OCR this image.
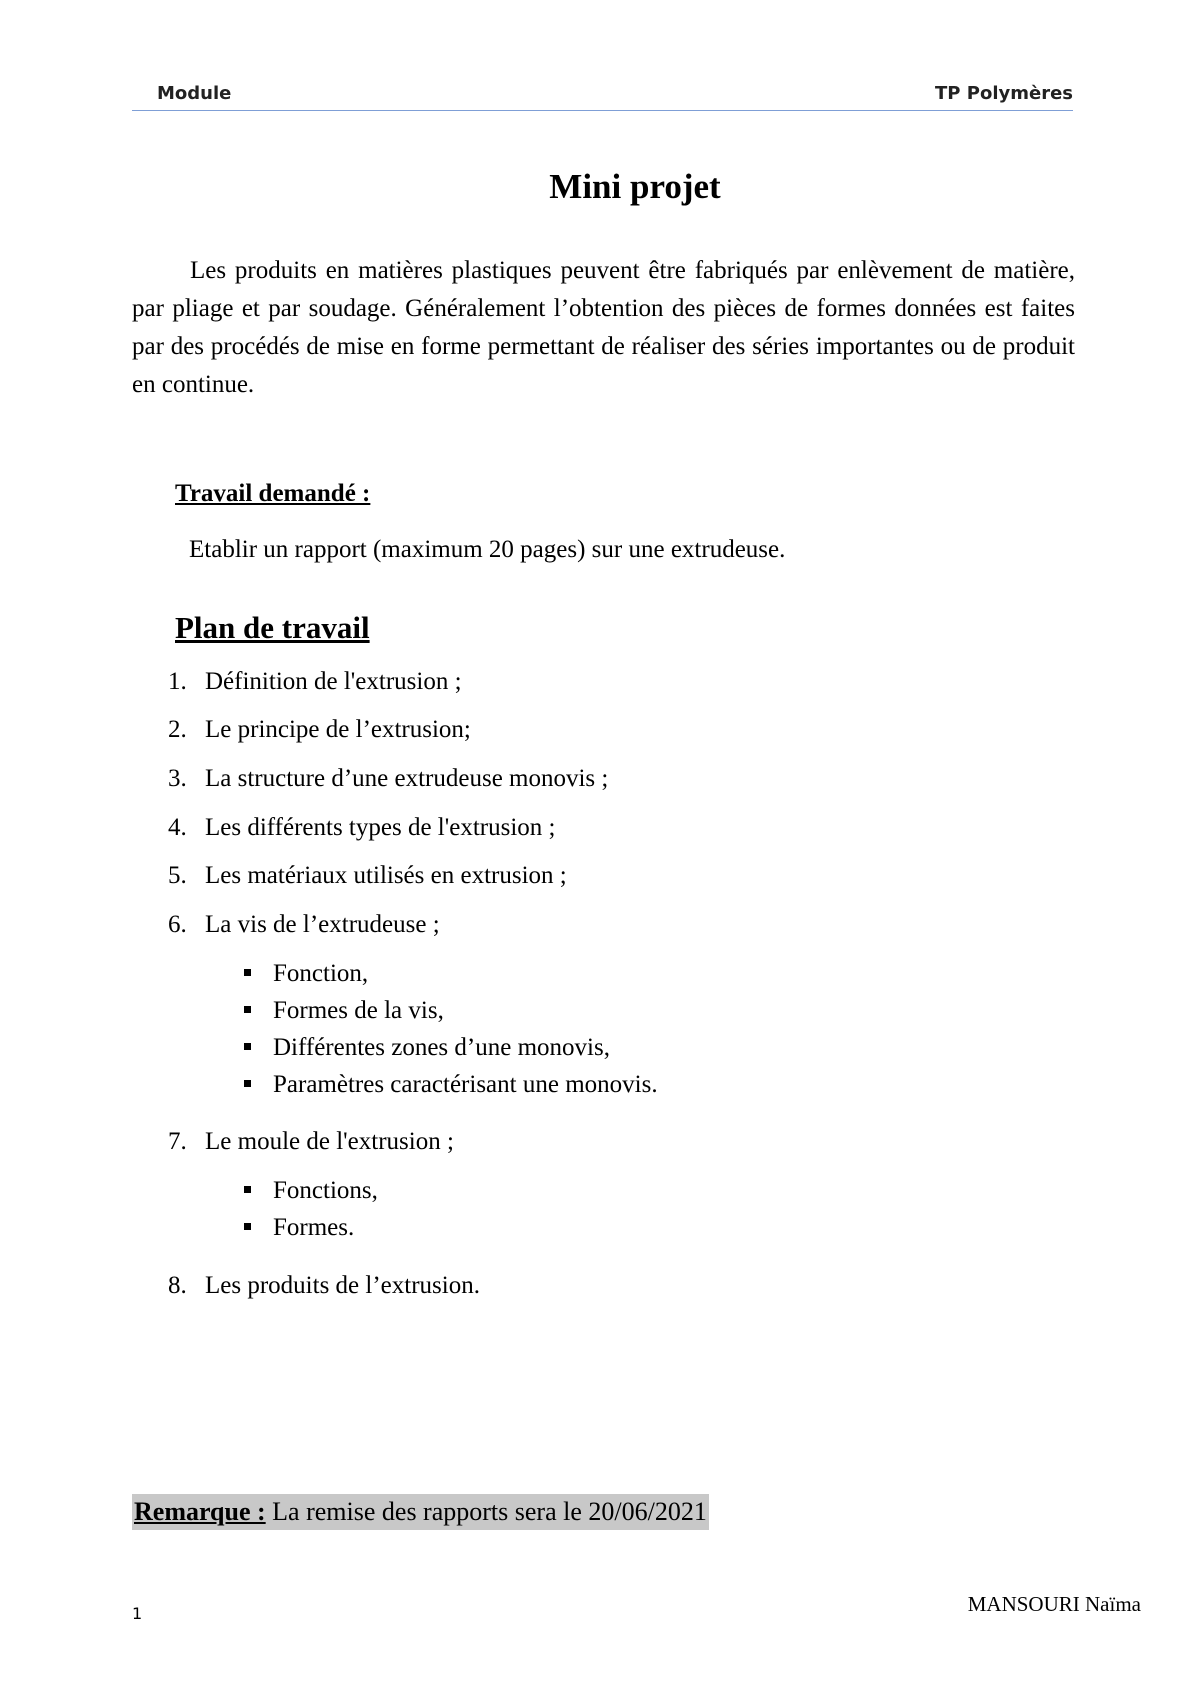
Module	TP Polymères
Mini projet

Les produits en matières plastiques peuvent être fabriqués par enlèvement de matière, par pliage et par soudage. Généralement l’obtention des pièces de formes données est faites par des procédés de mise en forme permettant de réaliser des séries importantes ou de produit en continue.

Travail demandé :
Etablir un rapport (maximum 20 pages) sur une extrudeuse.
Plan de travail
1. Définition de l'extrusion ;
2. Le principe de l’extrusion;
3. La structure d’une extrudeuse monovis ;
4. Les différents types de l'extrusion ;
5. Les matériaux utilisés en extrusion ;
6. La vis de l’extrudeuse ;
Fonction,
Formes de la vis,
Différentes zones d’une monovis,
Paramètres caractérisant une monovis.
7. Le moule de l'extrusion ;
Fonctions,
Formes.
8. Les produits de l’extrusion.
Remarque : La remise des rapports sera le 20/06/2021
1	MANSOURI Naïma
